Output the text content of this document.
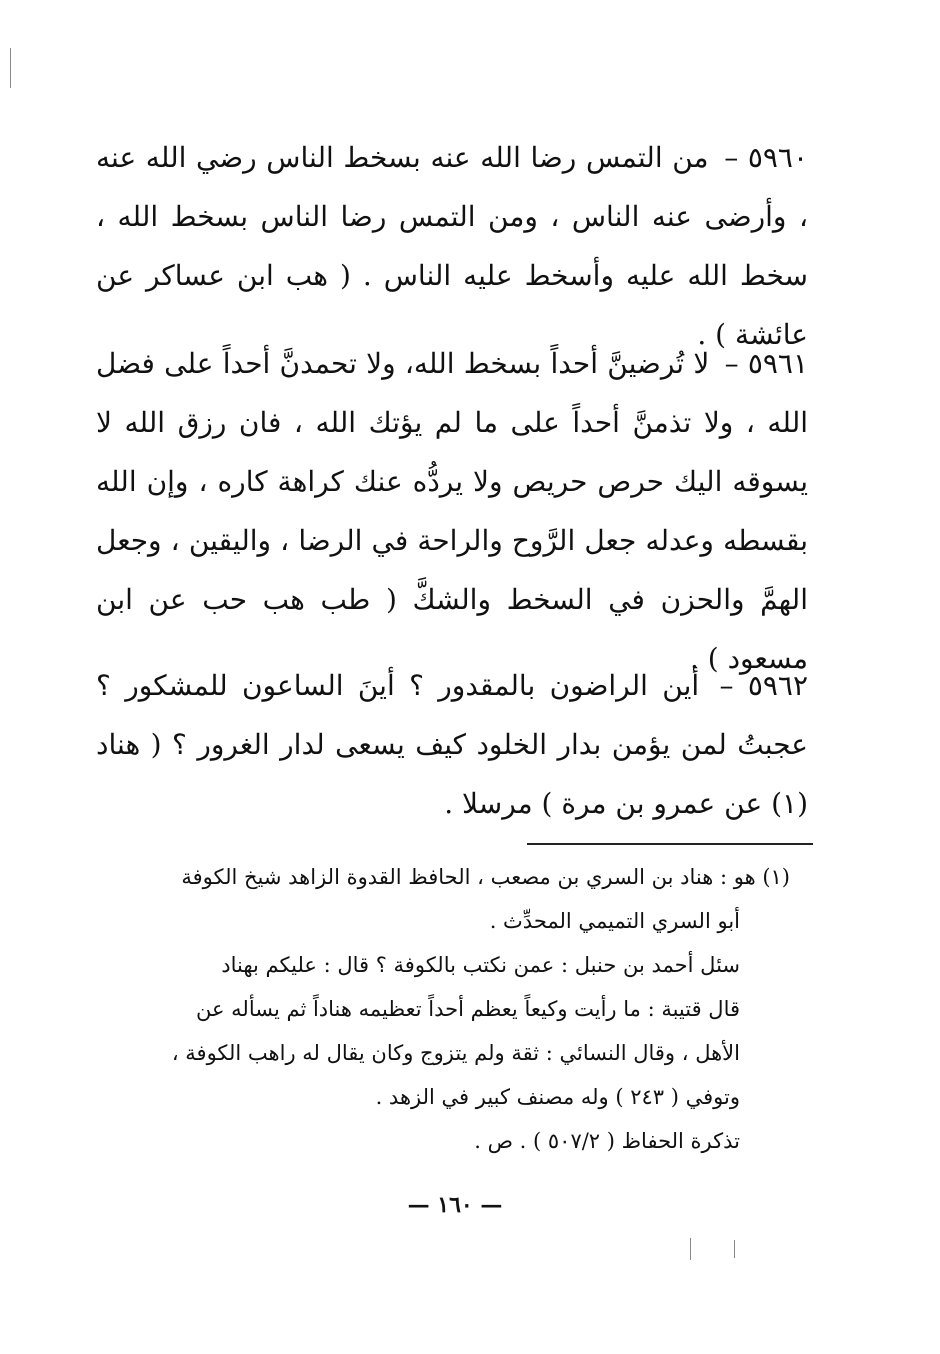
٥٩٦٠ – من التمس رضا الله عنه بسخط الناس رضي الله عنه ، وأرضى عنه الناس ، ومن التمس رضا الناس بسخط الله ، سخط الله عليه وأسخط عليه الناس . ( هب ابن عساكر عن عائشة ) .
٥٩٦١ – لا تُرضينَّ أحداً بسخط الله، ولا تحمدنَّ أحداً على فضل الله ، ولا تذمنَّ أحداً على ما لم يؤتك الله ، فان رزق الله لا يسوقه اليك حرص حريص ولا يردُّه عنك كراهة كاره ، وإن الله بقسطه وعدله جعل الرَّوح والراحة في الرضا ، واليقين ، وجعل الهمَّ والحزن في السخط والشكَّ ( طب هب حب عن ابن مسعود ) .
٥٩٦٢ – أين الراضون بالمقدور ؟ أينَ الساعون للمشكور ؟ عجبتُ لمن يؤمن بدار الخلود كيف يسعى لدار الغرور ؟ ( هناد (١) عن عمرو بن مرة ) مرسلا .
(١) هو : هناد بن السري بن مصعب ، الحافظ القدوة الزاهد شيخ الكوفة
أبو السري التميمي المحدِّث .
سئل أحمد بن حنبل : عمن نكتب بالكوفة ؟ قال : عليكم بهناد
قال قتيبة : ما رأيت وكيعاً يعظم أحداً تعظيمه هناداً ثم يسأله عن
الأهل ، وقال النسائي : ثقة ولم يتزوج وكان يقال له راهب الكوفة ،
وتوفي ( ٢٤٣ ) وله مصنف كبير في الزهد .
تذكرة الحفاظ ( ٥٠٧/٢ ) . ص .
— ١٦٠ —
